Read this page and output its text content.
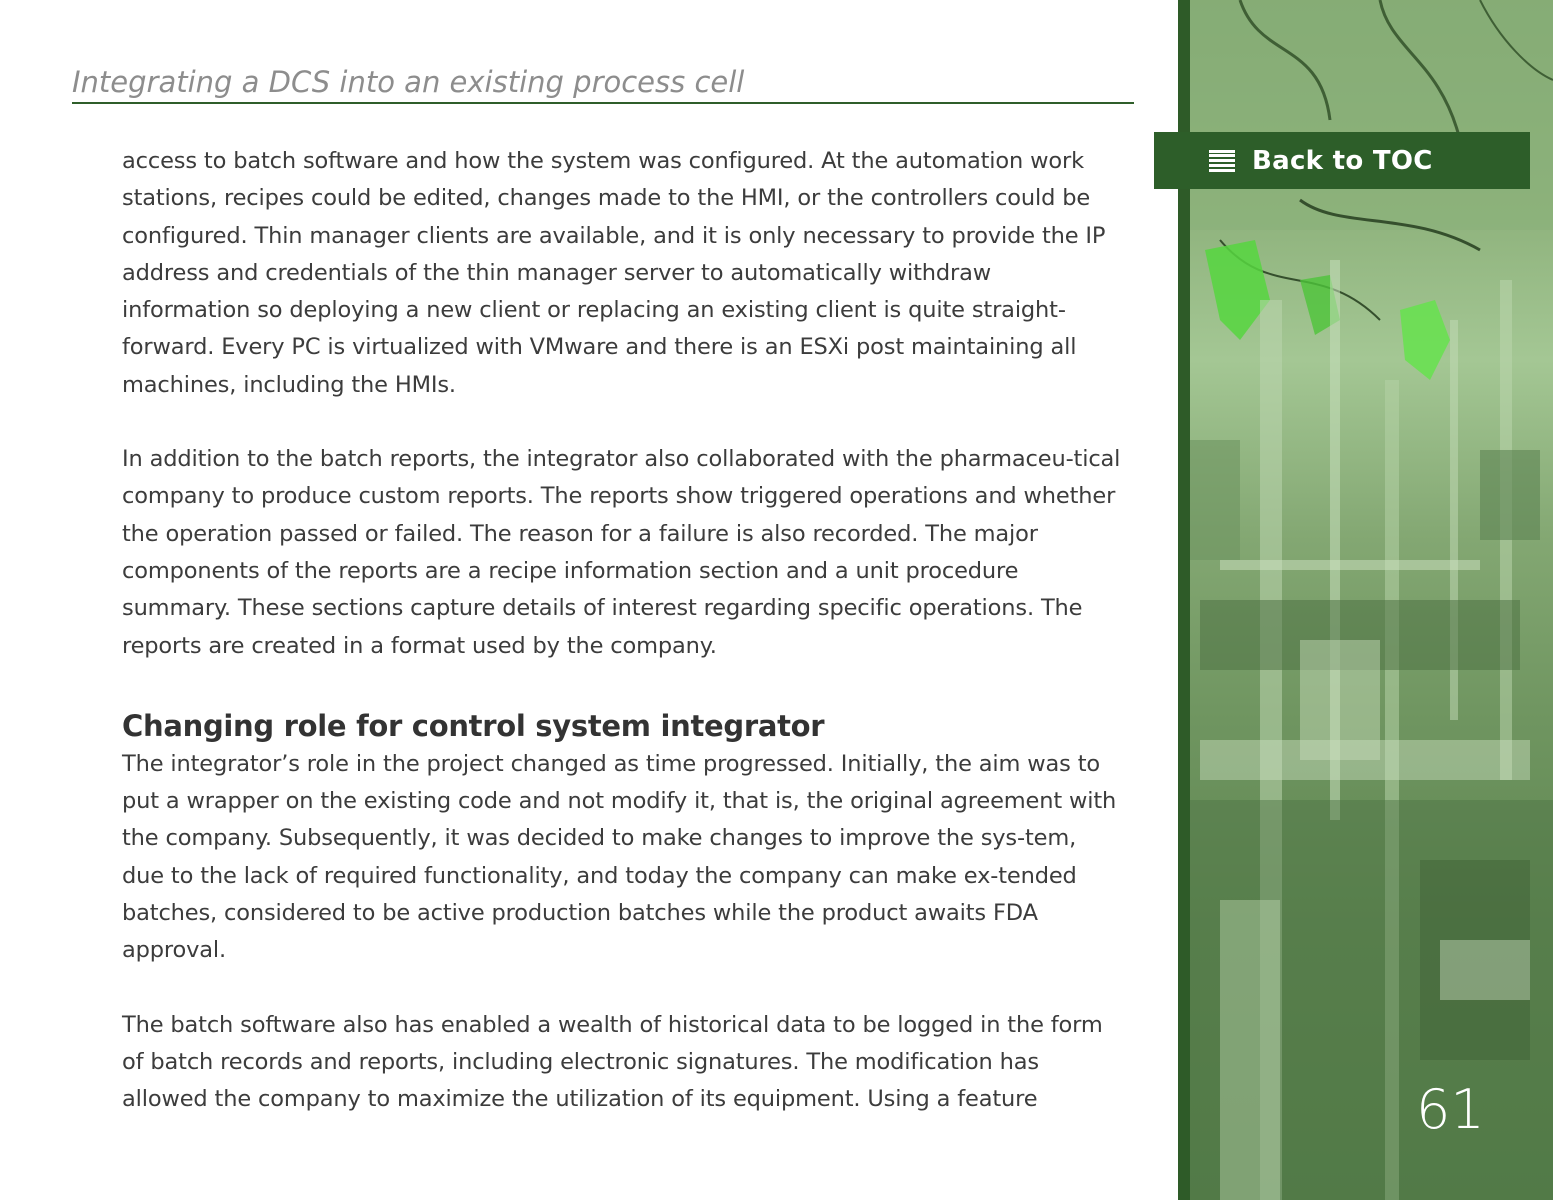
Integrating a DCS into an existing process cell

access to batch software and how the system was configured. At the automation work stations, recipes could be edited, changes made to the HMI, or the controllers could be configured. Thin manager clients are available, and it is only necessary to provide the IP address and credentials of the thin manager server to automatically withdraw information so deploying a new client or replacing an existing client is quite straight-forward. Every PC is virtualized with VMware and there is an ESXi post maintaining all machines, including the HMIs.

In addition to the batch reports, the integrator also collaborated with the pharmaceu-tical company to produce custom reports. The reports show triggered operations and whether the operation passed or failed. The reason for a failure is also recorded. The major components of the reports are a recipe information section and a unit procedure summary. These sections capture details of interest regarding specific operations. The reports are created in a format used by the company.

Changing role for control system integrator

The integrator’s role in the project changed as time progressed. Initially, the aim was to put a wrapper on the existing code and not modify it, that is, the original agreement with the company. Subsequently, it was decided to make changes to improve the sys-tem, due to the lack of required functionality, and today the company can make ex-tended batches, considered to be active production batches while the product awaits FDA approval.

The batch software also has enabled a wealth of historical data to be logged in the form of batch records and reports, including electronic signatures. The modification has allowed the company to maximize the utilization of its equipment. Using a feature

Back to TOC
61
